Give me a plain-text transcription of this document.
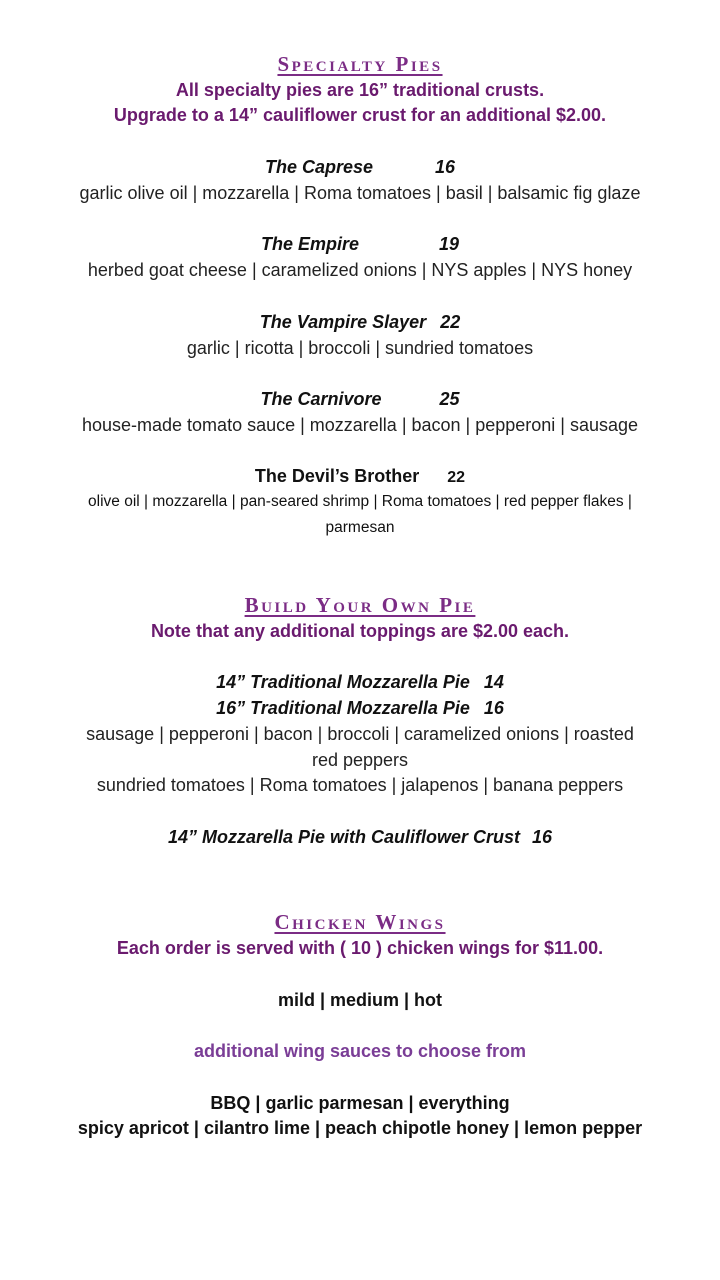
Specialty Pies
All specialty pies are 16” traditional crusts.
Upgrade to a 14” cauliflower crust for an additional $2.00.
The Caprese	16
garlic olive oil | mozzarella | Roma tomatoes | basil | balsamic fig glaze
The Empire	19
herbed goat cheese | caramelized onions | NYS apples | NYS honey
The Vampire Slayer 22
garlic | ricotta | broccoli | sundried tomatoes
The Carnivore	25
house-made tomato sauce | mozzarella | bacon | pepperoni | sausage
The Devil’s Brother 22
olive oil | mozzarella | pan-seared shrimp | Roma tomatoes | red pepper flakes |
parmesan
Build Your Own Pie
Note that any additional toppings are $2.00 each.
14” Traditional Mozzarella Pie 14
16” Traditional Mozzarella Pie 16
sausage | pepperoni | bacon | broccoli | caramelized onions | roasted
red peppers
sundried tomatoes | Roma tomatoes | jalapenos | banana peppers
14” Mozzarella Pie with Cauliflower Crust 16
Chicken Wings
Each order is served with ( 10 ) chicken wings for $11.00.
mild | medium | hot
additional wing sauces to choose from
BBQ | garlic parmesan | everything
spicy apricot | cilantro lime | peach chipotle honey | lemon pepper
